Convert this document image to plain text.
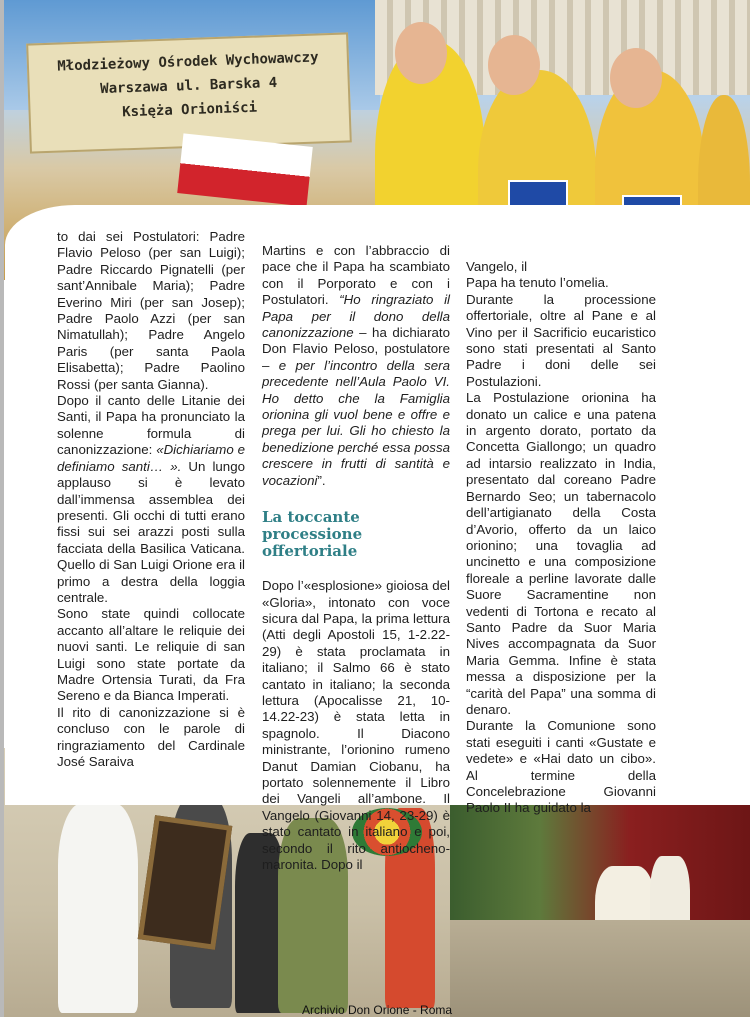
Młodzieżowy Ośrodek Wychowawczy
Warszawa ul. Barska 4
Księża Orioniści

to dai sei Postulatori: Padre Flavio Peloso (per san Luigi); Padre Riccardo Pignatelli (per sant’Annibale Maria); Padre Everino Miri (per san Josep); Padre Paolo Azzi (per san Nimatullah); Padre Angelo Paris (per santa Paola Elisabetta); Padre Paolino Rossi (per santa Gianna).

Dopo il canto delle Litanie dei Santi, il Papa ha pronunciato la solenne formula di canonizzazione: «Dichiariamo e definiamo santi… ». Un lungo applauso si è levato dall’immensa assemblea dei presenti. Gli occhi di tutti erano fissi sui sei arazzi posti sulla facciata della Basilica Vaticana. Quello di San Luigi Orione era il primo a destra della loggia centrale.

Sono state quindi collocate accanto all’altare le reliquie dei nuovi santi. Le reliquie di san Luigi sono state portate da Madre Ortensia Turati, da Fra Sereno e da Bianca Imperati.

Il rito di canonizzazione si è concluso con le parole di ringraziamento del Cardinale José Saraiva

Martins e con l’abbraccio di pace che il Papa ha scambiato con il Porporato e con i Postulatori. “Ho ringraziato il Papa per il dono della canonizzazione – ha dichiarato Don Flavio Peloso, postulatore – e per l’incontro della sera precedente nell’Aula Paolo VI. Ho detto che la Famiglia orionina gli vuol bene e offre e prega per lui. Gli ho chiesto la benedizione perché essa possa crescere in frutti di santità e vocazioni”.

La toccante processione offertoriale

Dopo l’«esplosione» gioiosa del «Gloria», intonato con voce sicura dal Papa, la prima lettura (Atti degli Apostoli 15, 1-2.22-29) è stata proclamata in italiano; il Salmo 66 è stato cantato in italiano; la seconda lettura (Apocalisse 21, 10-14.22-23) è stata letta in spagnolo. Il Diacono ministrante, l’orionino rumeno Danut Damian Ciobanu, ha portato solennemente il Libro dei Vangeli all’ambone. Il Vangelo (Giovanni 14, 23-29) è stato cantato in italiano e poi, secondo il rito antiocheno-maronita. Dopo il

Vangelo, il

Papa ha tenuto l’omelia.

Durante la processione offertoriale, oltre al Pane e al Vino per il Sacrificio eucaristico sono stati presentati al Santo Padre i doni delle sei Postulazioni.

La Postulazione orionina ha donato un calice e una patena in argento dorato, portato da Concetta Giallongo; un quadro ad intarsio realizzato in India, presentato dal coreano Padre Bernardo Seo; un tabernacolo dell’artigianato della Costa d’Avorio, offerto da un laico orionino; una tovaglia ad uncinetto e una composizione floreale a perline lavorate dalle Suore Sacramentine non vedenti di Tortona e recato al Santo Padre da Suor Maria Nives accompagnata da Suor Maria Gemma. Infine è stata messa a disposizione per la “carità del Papa” una somma di denaro.

Durante la Comunione sono stati eseguiti i canti «Gustate e vedete» e «Hai dato un cibo». Al termine della Concelebrazione Giovanni Paolo II ha guidato la

Archivio Don Orione - Roma
